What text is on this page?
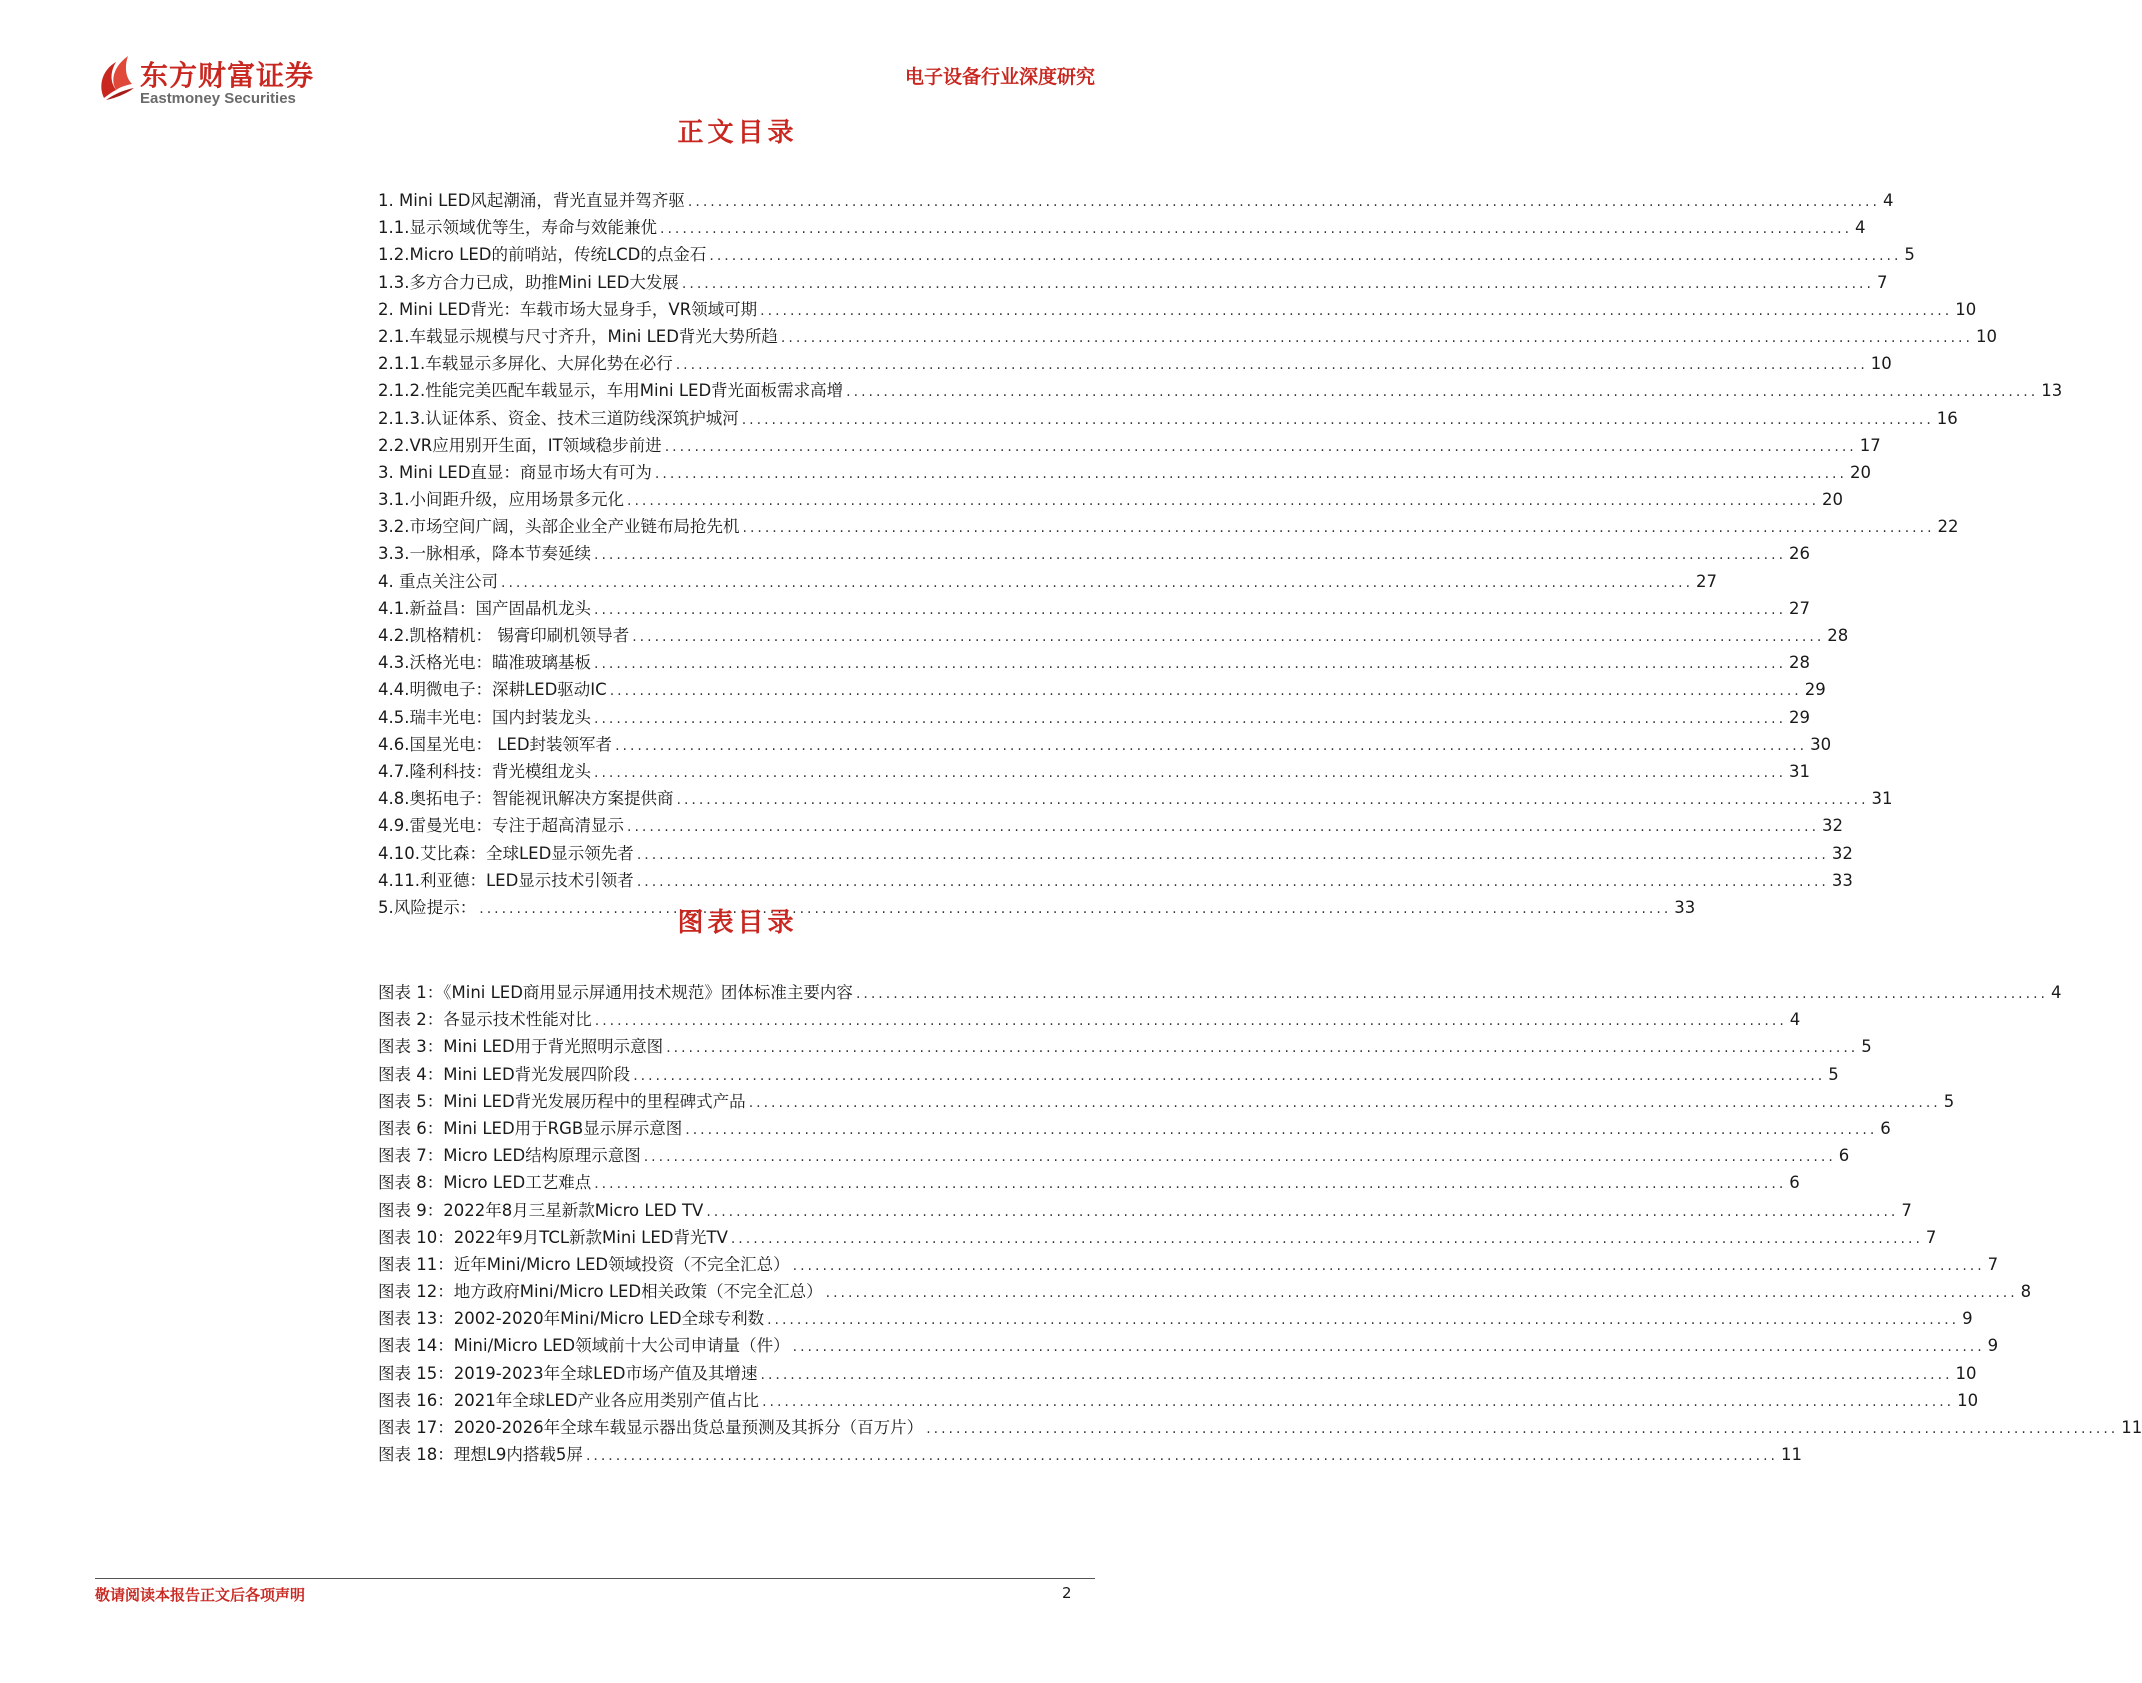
东方财富证券
Eastmoney Securities
电子设备行业深度研究
正文目录
1. Mini LED风起潮涌，背光直显并驾齐驱 ................................................................................................................................................................ 4
1.1.显示领域优等生，寿命与效能兼优 ................................................................................................................................................................ 4
1.2.Micro LED的前哨站，传统LCD的点金石 ................................................................................................................................................................ 5
1.3.多方合力已成，助推Mini LED大发展 ................................................................................................................................................................ 7
2. Mini LED背光：车载市场大显身手，VR领域可期 ................................................................................................................................................................ 10
2.1.车载显示规模与尺寸齐升，Mini LED背光大势所趋 ................................................................................................................................................................ 10
2.1.1.车载显示多屏化、大屏化势在必行 ................................................................................................................................................................ 10
2.1.2.性能完美匹配车载显示，车用Mini LED背光面板需求高增 ................................................................................................................................................................ 13
2.1.3.认证体系、资金、技术三道防线深筑护城河 ................................................................................................................................................................ 16
2.2.VR应用别开生面，IT领域稳步前进 ................................................................................................................................................................ 17
3. Mini LED直显：商显市场大有可为 ................................................................................................................................................................ 20
3.1.小间距升级，应用场景多元化 ................................................................................................................................................................ 20
3.2.市场空间广阔，头部企业全产业链布局抢先机 ................................................................................................................................................................ 22
3.3.一脉相承，降本节奏延续 ................................................................................................................................................................ 26
4. 重点关注公司 ................................................................................................................................................................ 27
4.1.新益昌：国产固晶机龙头 ................................................................................................................................................................ 27
4.2.凯格精机： 锡膏印刷机领导者 ................................................................................................................................................................ 28
4.3.沃格光电：瞄准玻璃基板 ................................................................................................................................................................ 28
4.4.明微电子：深耕LED驱动IC ................................................................................................................................................................ 29
4.5.瑞丰光电：国内封装龙头 ................................................................................................................................................................ 29
4.6.国星光电： LED封装领军者 ................................................................................................................................................................ 30
4.7.隆利科技：背光模组龙头 ................................................................................................................................................................ 31
4.8.奥拓电子：智能视讯解决方案提供商 ................................................................................................................................................................ 31
4.9.雷曼光电：专注于超高清显示 ................................................................................................................................................................ 32
4.10.艾比森：全球LED显示领先者 ................................................................................................................................................................ 32
4.11.利亚德：LED显示技术引领者 ................................................................................................................................................................ 33
5.风险提示： ................................................................................................................................................................ 33
图表目录
图表 1：《Mini LED商用显示屏通用技术规范》团体标准主要内容 ................................................................................................................................................................ 4
图表 2：各显示技术性能对比 ................................................................................................................................................................ 4
图表 3：Mini LED用于背光照明示意图 ................................................................................................................................................................ 5
图表 4：Mini LED背光发展四阶段 ................................................................................................................................................................ 5
图表 5：Mini LED背光发展历程中的里程碑式产品 ................................................................................................................................................................ 5
图表 6：Mini LED用于RGB显示屏示意图 ................................................................................................................................................................ 6
图表 7：Micro LED结构原理示意图 ................................................................................................................................................................ 6
图表 8：Micro LED工艺难点 ................................................................................................................................................................ 6
图表 9：2022年8月三星新款Micro LED TV ................................................................................................................................................................ 7
图表 10：2022年9月TCL新款Mini LED背光TV ................................................................................................................................................................ 7
图表 11：近年Mini/Micro LED领域投资（不完全汇总） ................................................................................................................................................................ 7
图表 12：地方政府Mini/Micro LED相关政策（不完全汇总） ................................................................................................................................................................ 8
图表 13：2002-2020年Mini/Micro LED全球专利数 ................................................................................................................................................................ 9
图表 14：Mini/Micro LED领域前十大公司申请量（件） ................................................................................................................................................................ 9
图表 15：2019-2023年全球LED市场产值及其增速 ................................................................................................................................................................ 10
图表 16：2021年全球LED产业各应用类别产值占比 ................................................................................................................................................................ 10
图表 17：2020-2026年全球车载显示器出货总量预测及其拆分（百万片） ................................................................................................................................................................ 11
图表 18：理想L9内搭载5屏 ................................................................................................................................................................ 11
敬请阅读本报告正文后各项声明	2
